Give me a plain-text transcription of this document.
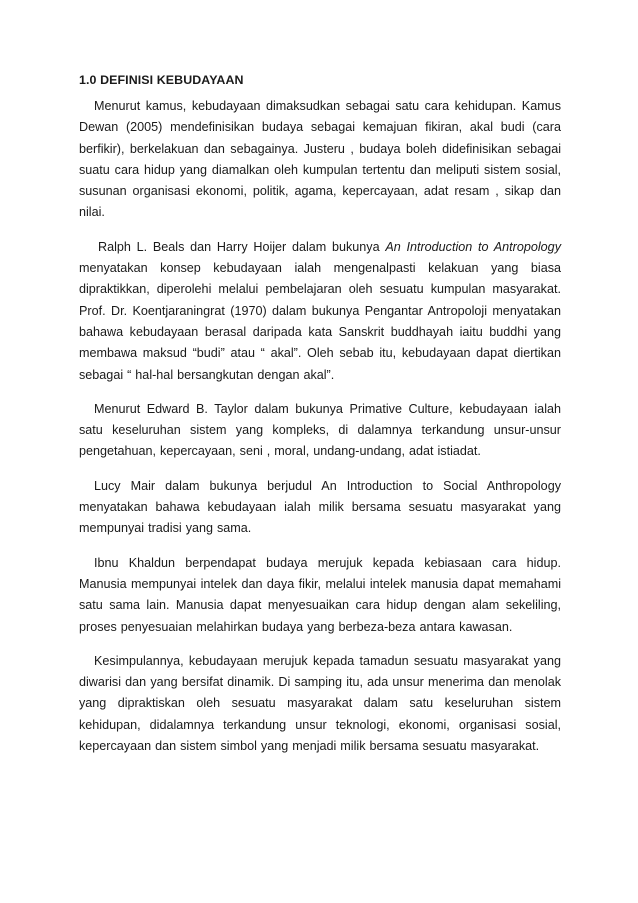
1.0 DEFINISI KEBUDAYAAN

Menurut kamus, kebudayaan dimaksudkan sebagai satu cara kehidupan. Kamus Dewan (2005) mendefinisikan budaya sebagai kemajuan fikiran, akal budi (cara berfikir), berkelakuan dan sebagainya. Justeru , budaya boleh didefinisikan sebagai suatu cara hidup yang diamalkan oleh kumpulan tertentu dan meliputi sistem sosial, susunan organisasi ekonomi, politik, agama, kepercayaan, adat resam , sikap dan nilai.

Ralph L. Beals dan Harry Hoijer dalam bukunya An Introduction to Antropology menyatakan konsep kebudayaan ialah mengenalpasti kelakuan yang biasa dipraktikkan, diperolehi melalui pembelajaran oleh sesuatu kumpulan masyarakat. Prof. Dr. Koentjaraningrat (1970) dalam bukunya Pengantar Antropoloji menyatakan bahawa kebudayaan berasal daripada kata Sanskrit buddhayah iaitu buddhi yang membawa maksud “budi” atau “ akal”. Oleh sebab itu, kebudayaan dapat diertikan sebagai “ hal-hal bersangkutan dengan akal”.

Menurut Edward B. Taylor dalam bukunya Primative Culture, kebudayaan ialah satu keseluruhan sistem yang kompleks, di dalamnya terkandung unsur-unsur pengetahuan, kepercayaan, seni , moral, undang-undang, adat istiadat.

Lucy Mair dalam bukunya berjudul An Introduction to Social Anthropology menyatakan bahawa kebudayaan ialah milik bersama sesuatu masyarakat yang mempunyai tradisi yang sama.

Ibnu Khaldun berpendapat budaya merujuk kepada kebiasaan cara hidup. Manusia mempunyai intelek dan daya fikir, melalui intelek manusia dapat memahami satu sama lain. Manusia dapat menyesuaikan cara hidup dengan alam sekeliling, proses penyesuaian melahirkan budaya yang berbeza-beza antara kawasan.

Kesimpulannya, kebudayaan merujuk kepada tamadun sesuatu masyarakat yang diwarisi dan yang bersifat dinamik. Di samping itu, ada unsur menerima dan menolak yang dipraktiskan oleh sesuatu masyarakat dalam satu keseluruhan sistem kehidupan, didalamnya terkandung unsur teknologi, ekonomi, organisasi sosial, kepercayaan dan sistem simbol yang menjadi milik bersama sesuatu masyarakat.
